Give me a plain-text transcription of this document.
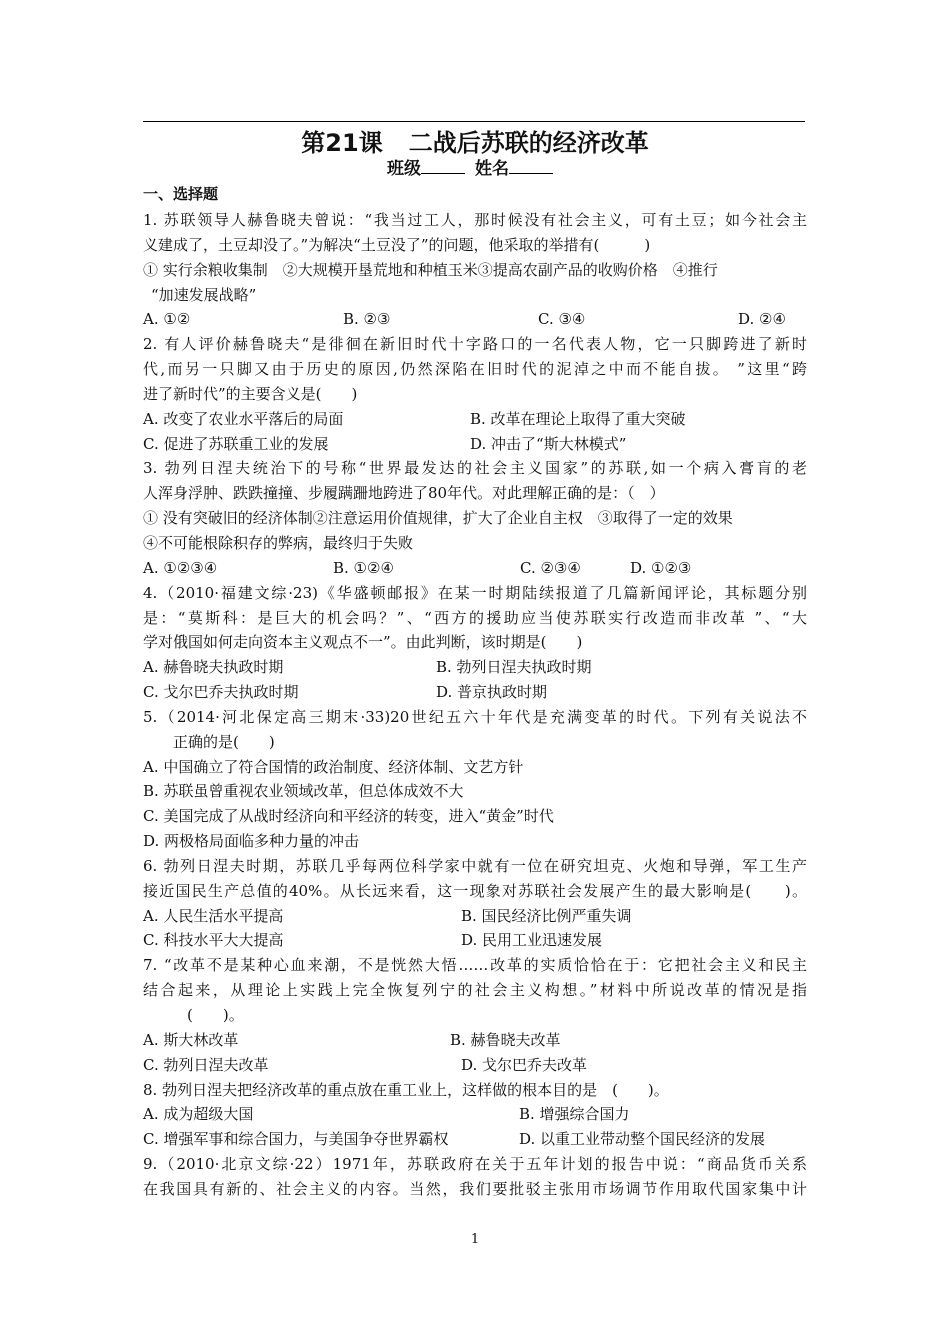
第21课 二战后苏联的经济改革
班级	姓名
一、选择题
1. 苏联领导人赫鲁晓夫曾说：“我当过工人，那时候没有社会主义，可有土豆；如今社会主
义建成了，土豆却没了。”为解决“土豆没了”的问题，他采取的举措有(　　　)
① 实行余粮收集制　②大规模开垦荒地和种植玉米③提高农副产品的收购价格　④推行
“加速发展战略”
A. ①②	B. ②③	C. ③④	D. ②④
2. 有人评价赫鲁晓夫“是徘徊在新旧时代十字路口的一名代表人物，它一只脚跨进了新时
代,而另一只脚又由于历史的原因,仍然深陷在旧时代的泥淖之中而不能自拔。 ”这里“跨
进了新时代”的主要含义是(　　)
A. 改变了农业水平落后的局面	B. 改革在理论上取得了重大突破
C. 促进了苏联重工业的发展	D. 冲击了“斯大林模式”
3. 勃列日涅夫统治下的号称“世界最发达的社会主义国家”的苏联,如一个病入膏肓的老
人浑身浮肿、跌跌撞撞、步履蹒跚地跨进了80年代。对此理解正确的是：（　）
① 没有突破旧的经济体制②注意运用价值规律，扩大了企业自主权　③取得了一定的效果
④不可能根除积存的弊病，最终归于失败
A. ①②③④	B. ①②④	C. ②③④	D. ①②③
4.（2010·福建文综·23)《华盛顿邮报》在某一时期陆续报道了几篇新闻评论，其标题分别
是：“莫斯科：是巨大的机会吗？”、“西方的援助应当使苏联实行改造而非改革 ”、“大
学对俄国如何走向资本主义观点不一”。由此判断，该时期是(　　)
A. 赫鲁晓夫执政时期	B. 勃列日涅夫执政时期
C. 戈尔巴乔夫执政时期	D. 普京执政时期
5.（2014·河北保定高三期末·33)20世纪五六十年代是充满变革的时代。下列有关说法不
正确的是(　　)
A. 中国确立了符合国情的政治制度、经济体制、文艺方针
B. 苏联虽曾重视农业领域改革，但总体成效不大
C. 美国完成了从战时经济向和平经济的转变，进入“黄金”时代
D. 两极格局面临多种力量的冲击
6. 勃列日涅夫时期，苏联几乎每两位科学家中就有一位在研究坦克、火炮和导弹，军工生产
接近国民生产总值的40%。从长远来看，这一现象对苏联社会发展产生的最大影响是(　　)。
A. 人民生活水平提高	B. 国民经济比例严重失调
C. 科技水平大大提高	D. 民用工业迅速发展
7. “改革不是某种心血来潮，不是恍然大悟……改革的实质恰恰在于：它把社会主义和民主
结合起来，从理论上实践上完全恢复列宁的社会主义构想。”材料中所说改革的情况是指
(　　)。
A. 斯大林改革	B. 赫鲁晓夫改革
C. 勃列日涅夫改革	D. 戈尔巴乔夫改革
8. 勃列日涅夫把经济改革的重点放在重工业上，这样做的根本目的是　(　　)。
A. 成为超级大国	B. 增强综合国力
C. 增强军事和综合国力，与美国争夺世界霸权	D. 以重工业带动整个国民经济的发展
9.（2010·北京文综·22）1971年，苏联政府在关于五年计划的报告中说：“商品货币关系
在我国具有新的、社会主义的内容。当然，我们要批驳主张用市场调节作用取代国家集中计
1
